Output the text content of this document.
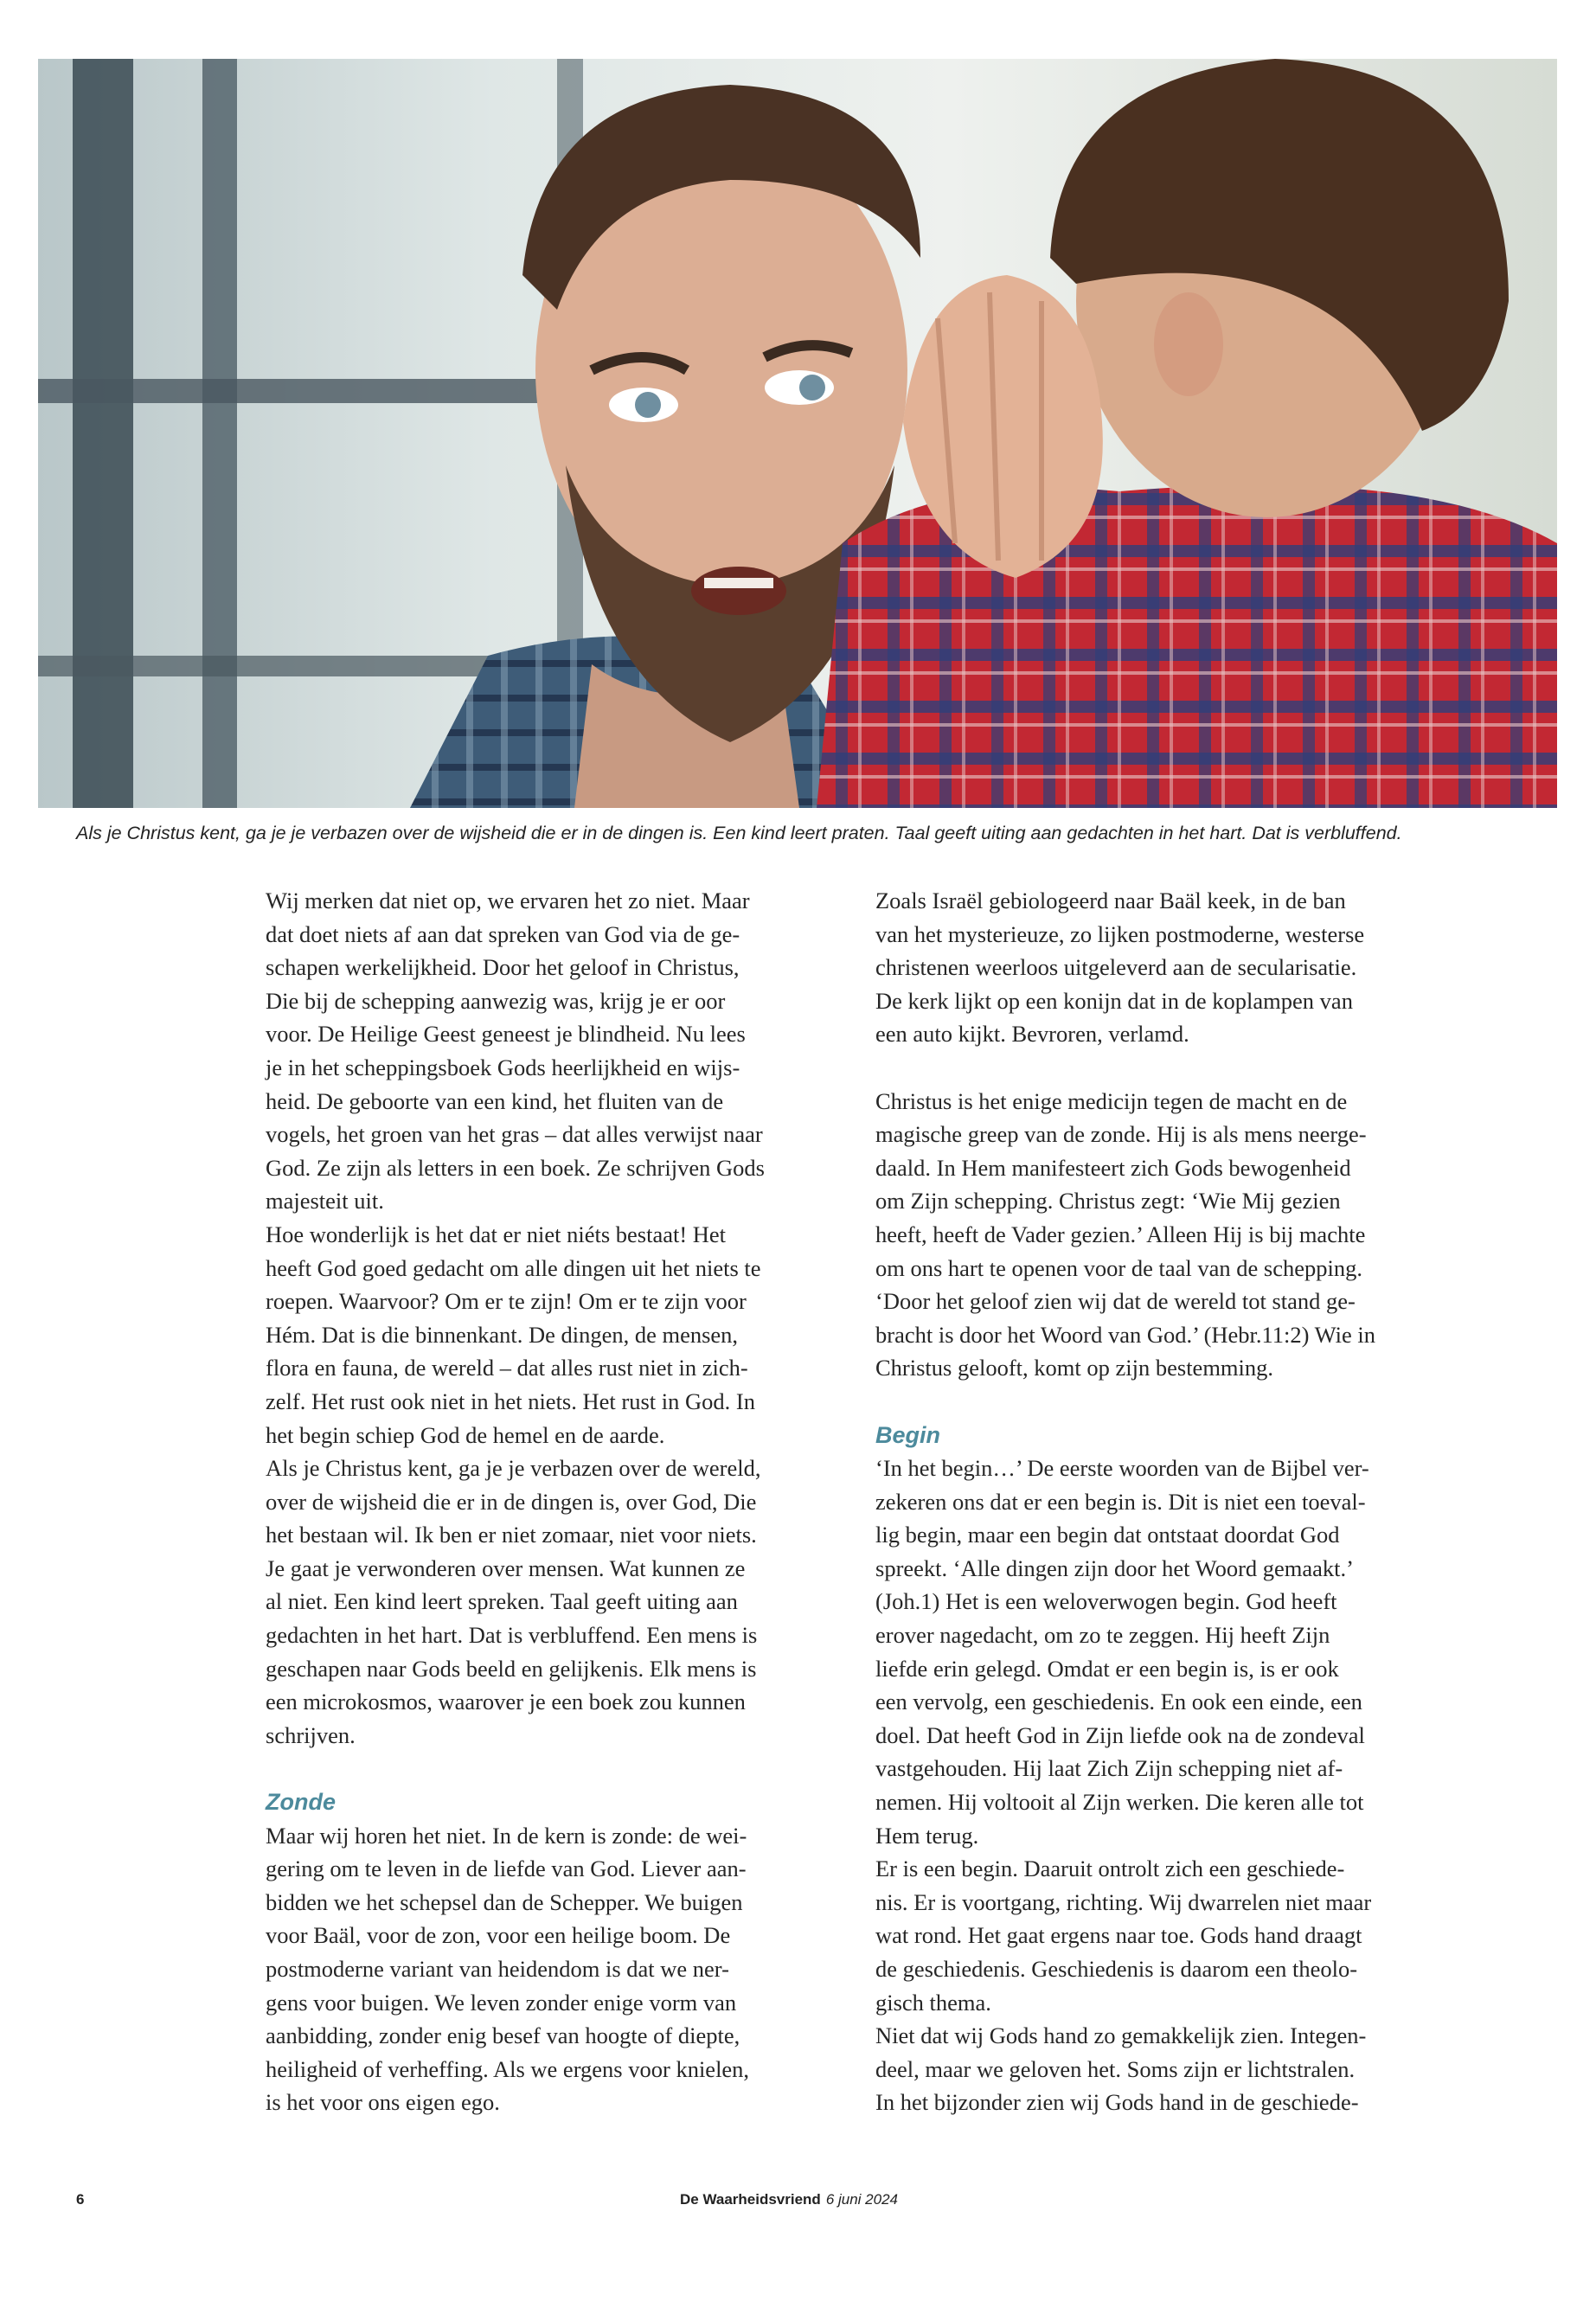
Als je Christus kent, ga je je verbazen over de wijsheid die er in de dingen is. Een kind leert praten. Taal geeft uiting aan gedachten in het hart. Dat is verbluffend.
Wij merken dat niet op, we ervaren het zo niet. Maar
dat doet niets af aan dat spreken van God via de ge-
schapen werkelijkheid. Door het geloof in Christus,
Die bij de schepping aanwezig was, krijg je er oor
voor. De Heilige Geest geneest je blindheid. Nu lees
je in het scheppingsboek Gods heerlijkheid en wijs-
heid. De geboorte van een kind, het fluiten van de
vogels, het groen van het gras – dat alles verwijst naar
God. Ze zijn als letters in een boek. Ze schrijven Gods
majesteit uit.
Hoe wonderlijk is het dat er niet niéts bestaat! Het
heeft God goed gedacht om alle dingen uit het niets te
roepen. Waarvoor? Om er te zijn! Om er te zijn voor
Hém. Dat is die binnenkant. De dingen, de mensen,
flora en fauna, de wereld – dat alles rust niet in zich-
zelf. Het rust ook niet in het niets. Het rust in God. In
het begin schiep God de hemel en de aarde.
Als je Christus kent, ga je je verbazen over de wereld,
over de wijsheid die er in de dingen is, over God, Die
het bestaan wil. Ik ben er niet zomaar, niet voor niets.
Je gaat je verwonderen over mensen. Wat kunnen ze
al niet. Een kind leert spreken. Taal geeft uiting aan
gedachten in het hart. Dat is verbluffend. Een mens is
geschapen naar Gods beeld en gelijkenis. Elk mens is
een microkosmos, waarover je een boek zou kunnen
schrijven.
Zonde
Maar wij horen het niet. In de kern is zonde: de wei-
gering om te leven in de liefde van God. Liever aan-
bidden we het schepsel dan de Schepper. We buigen
voor Baäl, voor de zon, voor een heilige boom. De
postmoderne variant van heidendom is dat we ner-
gens voor buigen. We leven zonder enige vorm van
aanbidding, zonder enig besef van hoogte of diepte,
heiligheid of verheffing. Als we ergens voor knielen,
is het voor ons eigen ego.
Zoals Israël gebiologeerd naar Baäl keek, in de ban
van het mysterieuze, zo lijken postmoderne, westerse
christenen weerloos uitgeleverd aan de secularisatie.
De kerk lijkt op een konijn dat in de koplampen van
een auto kijkt. Bevroren, verlamd.
Christus is het enige medicijn tegen de macht en de
magische greep van de zonde. Hij is als mens neerge-
daald. In Hem manifesteert zich Gods bewogenheid
om Zijn schepping. Christus zegt: ‘Wie Mij gezien
heeft, heeft de Vader gezien.’ Alleen Hij is bij machte
om ons hart te openen voor de taal van de schepping.
‘Door het geloof zien wij dat de wereld tot stand ge-
bracht is door het Woord van God.’ (Hebr.11:2) Wie in
Christus gelooft, komt op zijn bestemming.
Begin
‘In het begin…’ De eerste woorden van de Bijbel ver-
zekeren ons dat er een begin is. Dit is niet een toeval-
lig begin, maar een begin dat ontstaat doordat God
spreekt. ‘Alle dingen zijn door het Woord gemaakt.’
(Joh.1) Het is een weloverwogen begin. God heeft
erover nagedacht, om zo te zeggen. Hij heeft Zijn
liefde erin gelegd. Omdat er een begin is, is er ook
een vervolg, een geschiedenis. En ook een einde, een
doel. Dat heeft God in Zijn liefde ook na de zondeval
vastgehouden. Hij laat Zich Zijn schepping niet af-
nemen. Hij voltooit al Zijn werken. Die keren alle tot
Hem terug.
Er is een begin. Daaruit ontrolt zich een geschiede-
nis. Er is voortgang, richting. Wij dwarrelen niet maar
wat rond. Het gaat ergens naar toe. Gods hand draagt
de geschiedenis. Geschiedenis is daarom een theolo-
gisch thema.
Niet dat wij Gods hand zo gemakkelijk zien. Integen-
deel, maar we geloven het. Soms zijn er lichtstralen.
In het bijzonder zien wij Gods hand in de geschiede-
6	De Waarheidsvriend 6 juni 2024
